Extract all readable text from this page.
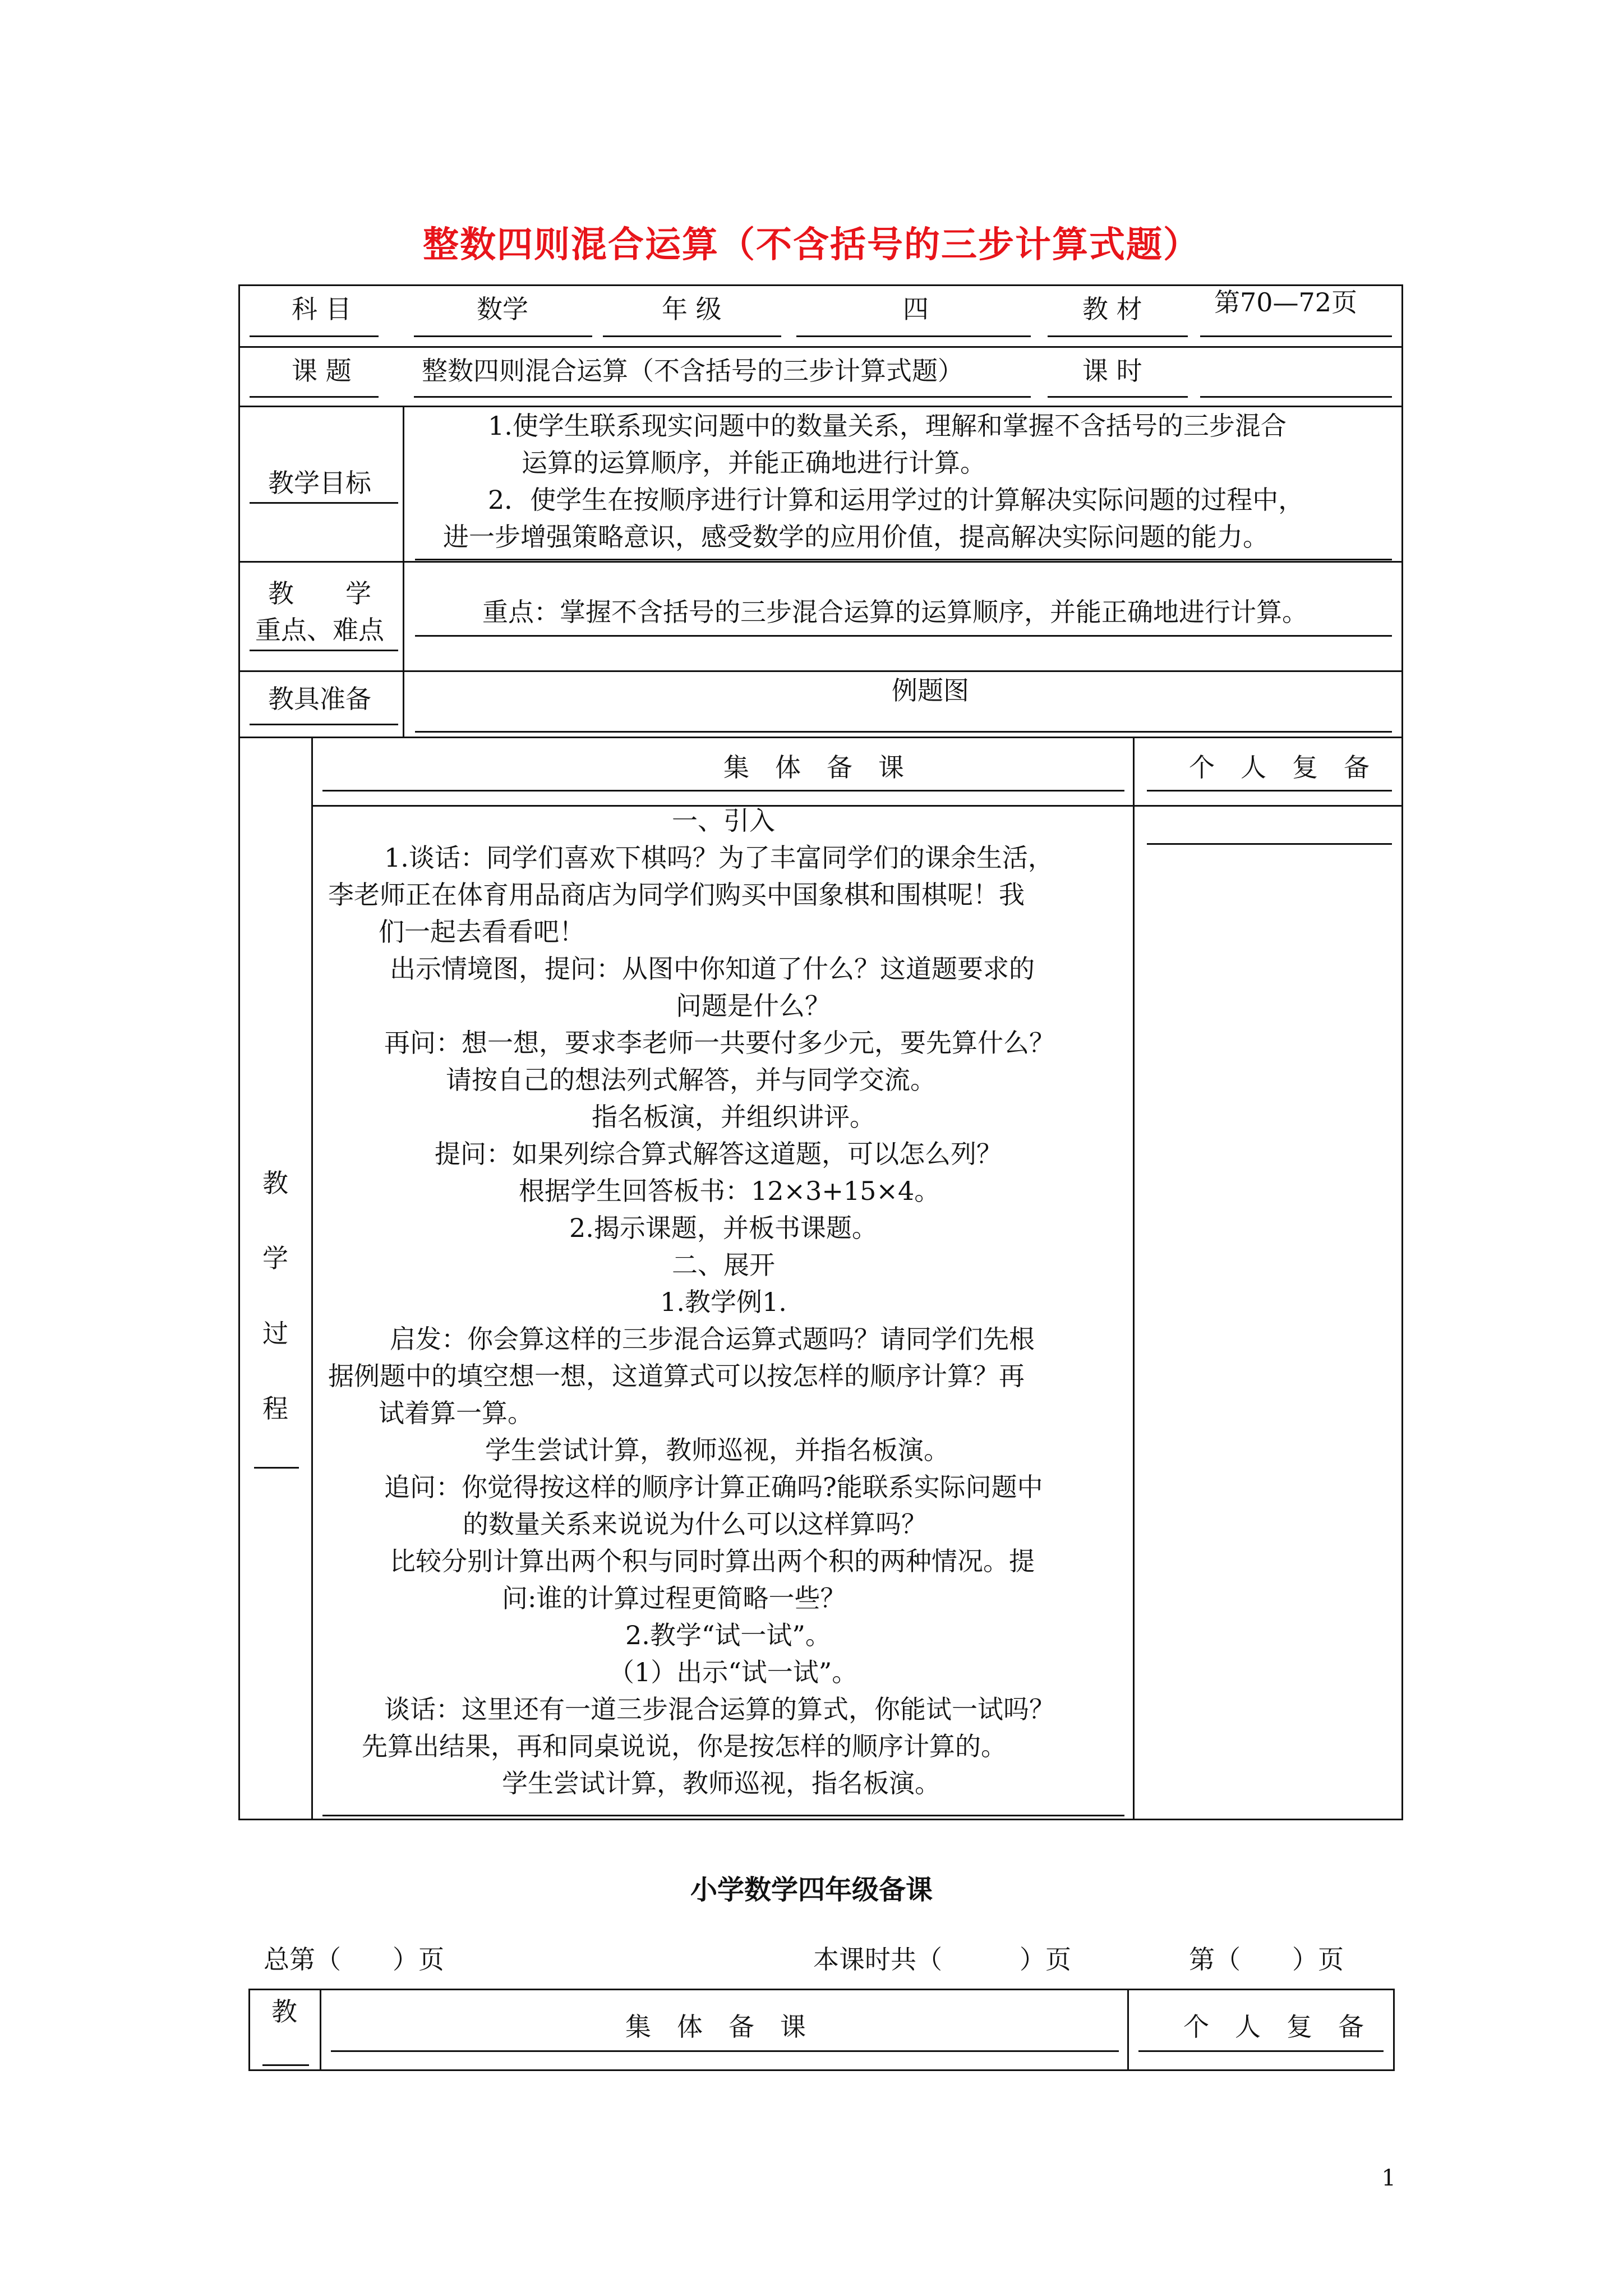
整数四则混合运算（不含括号的三步计算式题）
科 目	数学	年 级	四	教 材	第70—72页
课 题	整数四则混合运算（不含括号的三步计算式题）	课 时
教学目标
1.使学生联系现实问题中的数量关系，理解和掌握不含括号的三步混合
运算的运算顺序，并能正确地进行计算。
2．使学生在按顺序进行计算和运用学过的计算解决实际问题的过程中，
进一步增强策略意识，感受数学的应用价值，提高解决实际问题的能力。
教　　学
重点、难点
重点：掌握不含括号的三步混合运算的运算顺序，并能正确地进行计算。
教具准备	例题图
集　体　备　课	个　人　复　备
教
学
过
程
一、引入
1.谈话：同学们喜欢下棋吗？为了丰富同学们的课余生活，
李老师正在体育用品商店为同学们购买中国象棋和围棋呢！我
们一起去看看吧！
出示情境图，提问：从图中你知道了什么？这道题要求的
问题是什么？
再问：想一想，要求李老师一共要付多少元，要先算什么？
请按自己的想法列式解答，并与同学交流。
指名板演，并组织讲评。
提问：如果列综合算式解答这道题，可以怎么列？
根据学生回答板书：12×3+15×4。
2.揭示课题，并板书课题。
二、展开
1.教学例1.
启发：你会算这样的三步混合运算式题吗？请同学们先根
据例题中的填空想一想，这道算式可以按怎样的顺序计算？再
试着算一算。
学生尝试计算，教师巡视，并指名板演。
追问：你觉得按这样的顺序计算正确吗?能联系实际问题中
的数量关系来说说为什么可以这样算吗？
比较分别计算出两个积与同时算出两个积的两种情况。提
问:谁的计算过程更简略一些？
2.教学“试一试”。
（1）出示“试一试”。
谈话：这里还有一道三步混合运算的算式，你能试一试吗？
先算出结果，再和同桌说说，你是按怎样的顺序计算的。
学生尝试计算，教师巡视，指名板演。
小学数学四年级备课
总第（　　）页	本课时共（　　　）页	第（　　）页
教	集　体　备　课	个　人　复　备
1
